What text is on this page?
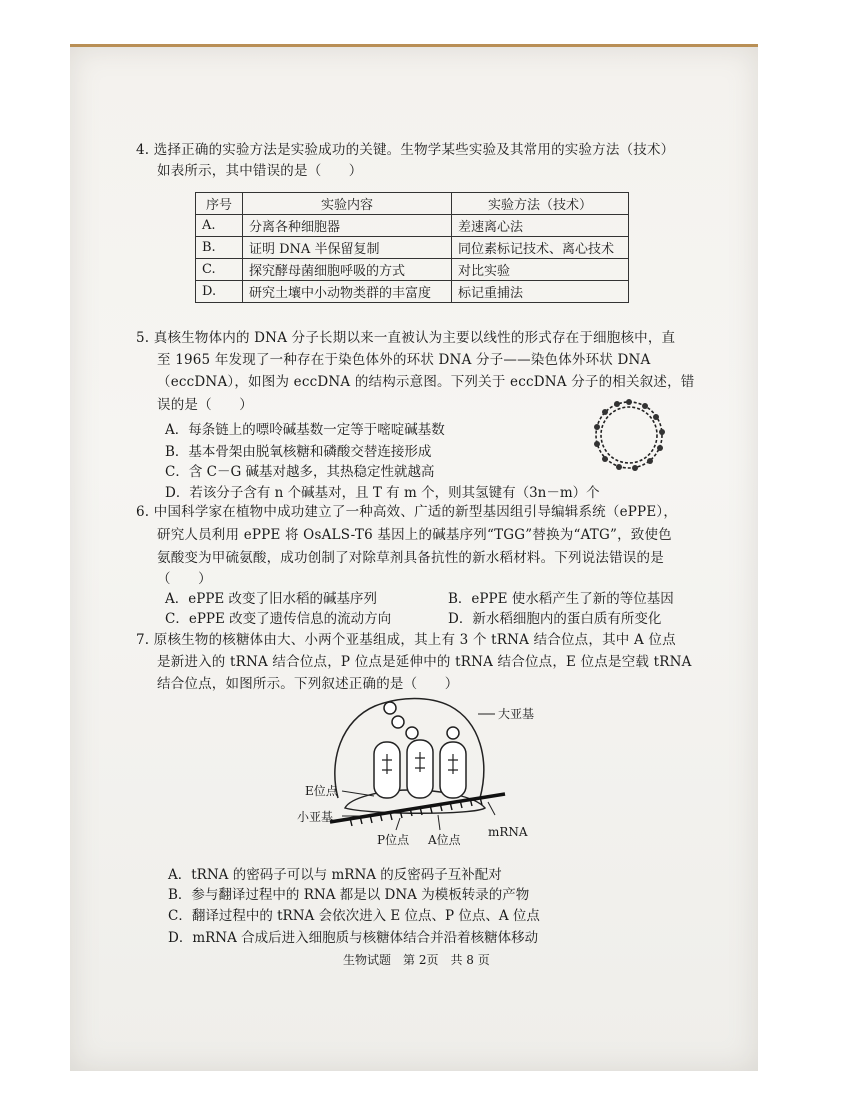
4. 选择正确的实验方法是实验成功的关键。生物学某些实验及其常用的实验方法（技术）
如表所示，其中错误的是（　　）
序号	实验内容	实验方法（技术）
A.	分离各种细胞器	差速离心法
B.	证明 DNA 半保留复制	同位素标记技术、离心技术
C.	探究酵母菌细胞呼吸的方式	对比实验
D.	研究土壤中小动物类群的丰富度	标记重捕法
5. 真核生物体内的 DNA 分子长期以来一直被认为主要以线性的形式存在于细胞核中，直
至 1965 年发现了一种存在于染色体外的环状 DNA 分子——染色体外环状 DNA
（eccDNA），如图为 eccDNA 的结构示意图。下列关于 eccDNA 分子的相关叙述，错
误的是（　　）
A．每条链上的嘌呤碱基数一定等于嘧啶碱基数
B．基本骨架由脱氧核糖和磷酸交替连接形成
C．含 C－G 碱基对越多，其热稳定性就越高
D．若该分子含有 n 个碱基对，且 T 有 m 个，则其氢键有（3n－m）个
6. 中国科学家在植物中成功建立了一种高效、广适的新型基因组引导编辑系统（ePPE），
研究人员利用 ePPE 将 OsALS-T6 基因上的碱基序列“TGG”替换为“ATG”，致使色
氨酸变为甲硫氨酸，成功创制了对除草剂具备抗性的新水稻材料。下列说法错误的是
（　　）
A．ePPE 改变了旧水稻的碱基序列	B．ePPE 使水稻产生了新的等位基因
C．ePPE 改变了遗传信息的流动方向	D．新水稻细胞内的蛋白质有所变化
7. 原核生物的核糖体由大、小两个亚基组成，其上有 3 个 tRNA 结合位点，其中 A 位点
是新进入的 tRNA 结合位点，P 位点是延伸中的 tRNA 结合位点，E 位点是空载 tRNA
结合位点，如图所示。下列叙述正确的是（　　）
大亚基
E位点
小亚基
P位点 A位点
mRNA
A．tRNA 的密码子可以与 mRNA 的反密码子互补配对
B．参与翻译过程中的 RNA 都是以 DNA 为模板转录的产物
C．翻译过程中的 tRNA 会依次进入 E 位点、P 位点、A 位点
D．mRNA 合成后进入细胞质与核糖体结合并沿着核糖体移动
生物试题　第 2页　共 8 页
